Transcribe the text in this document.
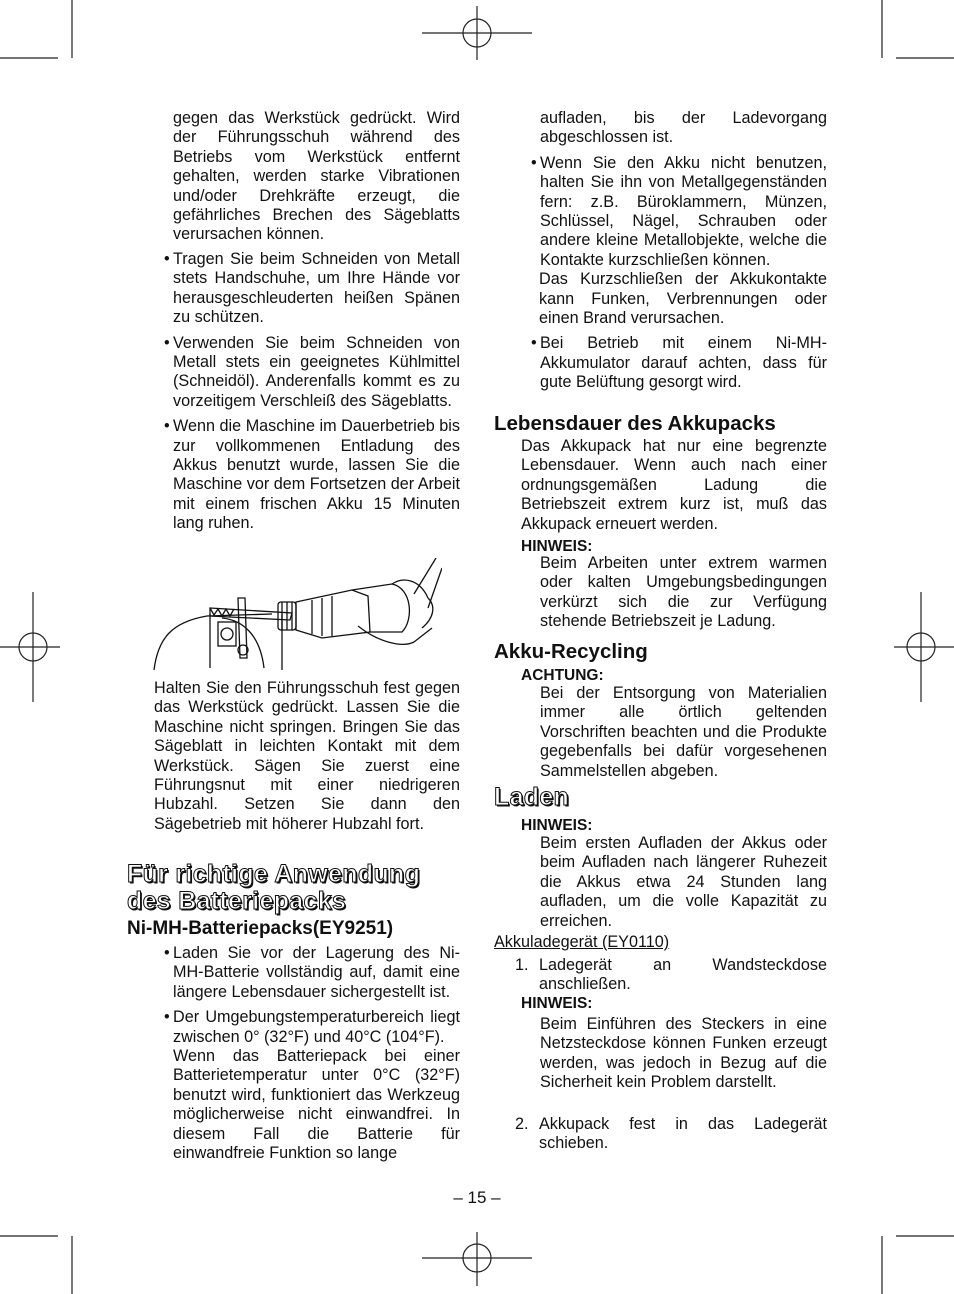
gegen das Werkstück gedrückt. Wird der Führungsschuh während des Betriebs vom Werkstück entfernt gehalten, werden starke Vibrationen und/oder Drehkräfte erzeugt, die gefährliches Brechen des Sägeblatts verursachen können.

• Tragen Sie beim Schneiden von Metall stets Handschuhe, um Ihre Hände vor herausgeschleuderten heißen Spänen zu schützen.

• Verwenden Sie beim Schneiden von Metall stets ein geeignetes Kühlmittel (Schneidöl). Anderenfalls kommt es zu vorzeitigem Verschleiß des Sägeblatts.

• Wenn die Maschine im Dauerbetrieb bis zur vollkommenen Entladung des Akkus benutzt wurde, lassen Sie die Maschine vor dem Fortsetzen der Arbeit mit einem frischen Akku 15 Minuten lang ruhen.

Halten Sie den Führungsschuh fest gegen das Werkstück gedrückt. Lassen Sie die Maschine nicht springen. Bringen Sie das Sägeblatt in leichten Kontakt mit dem Werkstück. Sägen Sie zuerst eine Führungsnut mit einer niedrigeren Hubzahl. Setzen Sie dann den Sägebetrieb mit höherer Hubzahl fort.

Für richtige Anwendung

des Batteriepacks

Ni-MH-Batteriepacks(EY9251)

• Laden Sie vor der Lagerung des Ni-MH-Batterie vollständig auf, damit eine längere Lebensdauer sichergestellt ist.

• Der Umgebungstemperaturbereich liegt zwischen 0° (32°F) und 40°C (104°F).

Wenn das Batteriepack bei einer Batterietemperatur unter 0°C (32°F) benutzt wird, funktioniert das Werkzeug möglicherweise nicht einwandfrei. In diesem Fall die Batterie für einwandfreie Funktion so lange

aufladen, bis der Ladevorgang abgeschlossen ist.

• Wenn Sie den Akku nicht benutzen, halten Sie ihn von Metallgegenständen fern: z.B. Büroklammern, Münzen, Schlüssel, Nägel, Schrauben oder andere kleine Metallobjekte, welche die Kontakte kurzschließen können.

Das Kurzschließen der Akkukontakte kann Funken, Verbrennungen oder einen Brand verursachen.

• Bei Betrieb mit einem Ni-MH-Akkumulator darauf achten, dass für gute Belüftung gesorgt wird.

Lebensdauer des Akkupacks

Das Akkupack hat nur eine begrenzte Lebensdauer. Wenn auch nach einer ordnungsgemäßen Ladung die Betriebszeit extrem kurz ist, muß das Akkupack erneuert werden.

HINWEIS:

Beim Arbeiten unter extrem warmen oder kalten Umgebungsbedingungen verkürzt sich die zur Verfügung stehende Betriebszeit je Ladung.

Akku-Recycling

ACHTUNG:

Bei der Entsorgung von Materialien immer alle örtlich geltenden Vorschriften beachten und die Produkte gegebenfalls bei dafür vorgesehenen Sammelstellen abgeben.

Laden

HINWEIS:

Beim ersten Aufladen der Akkus oder beim Aufladen nach längerer Ruhezeit die Akkus etwa 24 Stunden lang aufladen, um die volle Kapazität zu erreichen.

Akkuladegerät (EY0110)

1. Ladegerät an Wandsteckdose anschließen.

HINWEIS:

Beim Einführen des Steckers in eine Netzsteckdose können Funken erzeugt werden, was jedoch in Bezug auf die Sicherheit kein Problem darstellt.

2. Akkupack fest in das Ladegerät schieben.

– 15 –
